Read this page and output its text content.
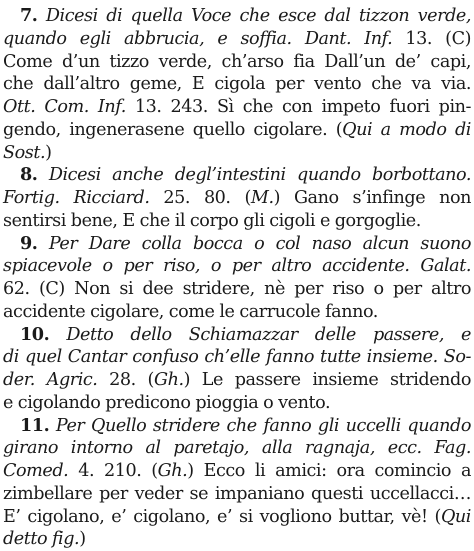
7. Dicesi di quella Voce che esce dal tizzon verde,
quando egli abbrucia, e soffia. Dant. Inf. 13. (C)
Come d’un tizzo verde, ch’arso fia Dall’un de’ capi,
che dall’altro geme, E cigola per vento che va via.
Ott. Com. Inf. 13. 243. Sì che con impeto fuori pin-
gendo, ingenerasene quello cigolare. (Qui a modo di
Sost.)
8. Dicesi anche degl’intestini quando borbottano.
Fortig. Ricciard. 25. 80. (M.) Gano s’infinge non
sentirsi bene, E che il corpo gli cigoli e gorgoglie.
9. Per Dare colla bocca o col naso alcun suono
spiacevole o per riso, o per altro accidente. Galat.
62. (C) Non si dee stridere, nè per riso o per altro
accidente cigolare, come le carrucole fanno.
10. Detto dello Schiamazzar delle passere, e
di quel Cantar confuso ch’elle fanno tutte insieme. So-
der. Agric. 28. (Gh.) Le passere insieme stridendo
e cigolando predicono pioggia o vento.
11. Per Quello stridere che fanno gli uccelli quando
girano intorno al paretajo, alla ragnaja, ecc. Fag.
Comed. 4. 210. (Gh.) Ecco li amici: ora comincio a
zimbellare per veder se impaniano questi uccellacci…
E’ cigolano, e’ cigolano, e’ si vogliono buttar, vè! (Qui
detto fig.)
